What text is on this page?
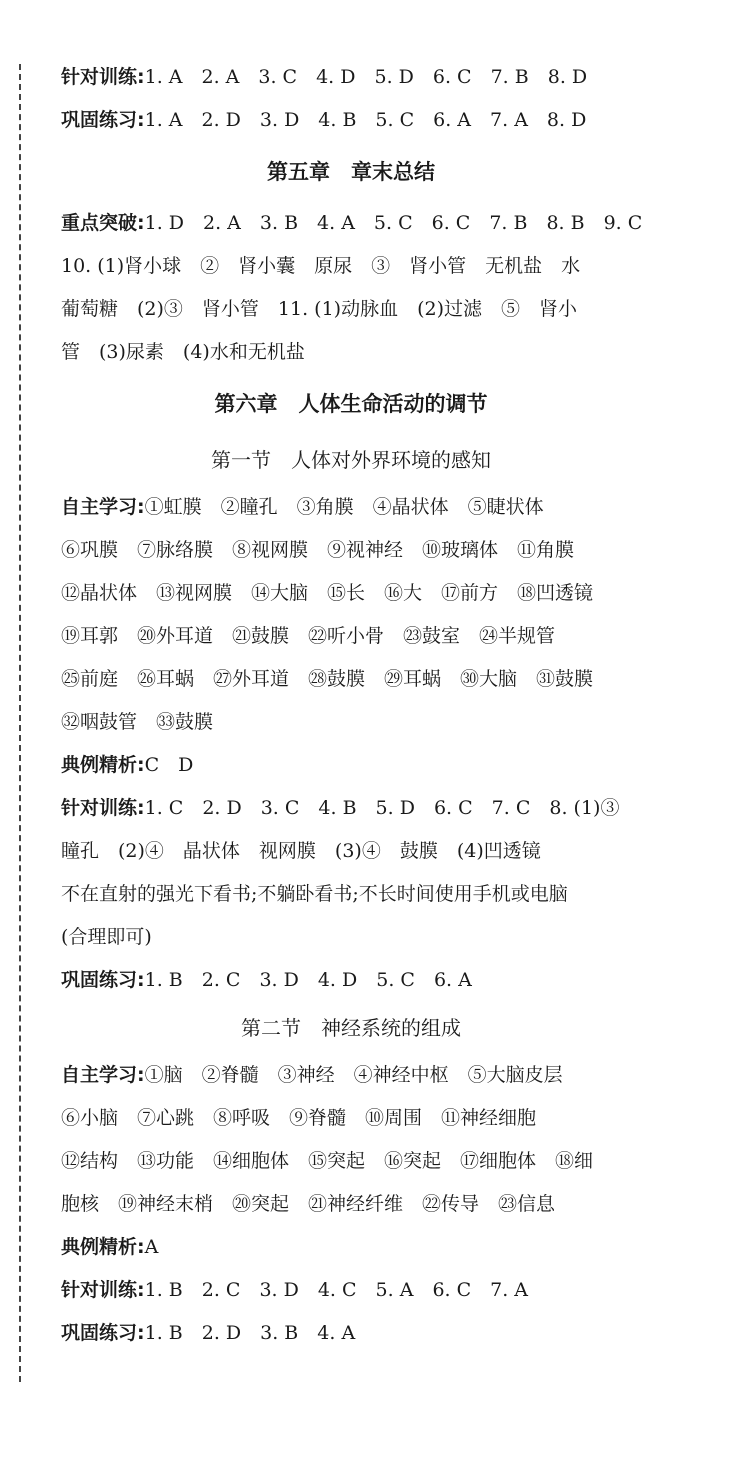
针对训练:1. A　2. A　3. C　4. D　5. D　6. C　7. B　8. D
巩固练习:1. A　2. D　3. D　4. B　5. C　6. A　7. A　8. D
第五章　章末总结
重点突破:1. D　2. A　3. B　4. A　5. C　6. C　7. B　8. B　9. C
10. (1)肾小球　②　肾小囊　原尿　③　肾小管　无机盐　水
葡萄糖　(2)③　肾小管　11. (1)动脉血　(2)过滤　⑤　肾小
管　(3)尿素　(4)水和无机盐
第六章　人体生命活动的调节
第一节　人体对外界环境的感知
自主学习:①虹膜　②瞳孔　③角膜　④晶状体　⑤睫状体
⑥巩膜　⑦脉络膜　⑧视网膜　⑨视神经　⑩玻璃体　⑪角膜
⑫晶状体　⑬视网膜　⑭大脑　⑮长　⑯大　⑰前方　⑱凹透镜
⑲耳郭　⑳外耳道　㉑鼓膜　㉒听小骨　㉓鼓室　㉔半规管
㉕前庭　㉖耳蜗　㉗外耳道　㉘鼓膜　㉙耳蜗　㉚大脑　㉛鼓膜
㉜咽鼓管　㉝鼓膜
典例精析:C　D
针对训练:1. C　2. D　3. C　4. B　5. D　6. C　7. C　8. (1)③
瞳孔　(2)④　晶状体　视网膜　(3)④　鼓膜　(4)凹透镜
不在直射的强光下看书;不躺卧看书;不长时间使用手机或电脑
(合理即可)
巩固练习:1. B　2. C　3. D　4. D　5. C　6. A
第二节　神经系统的组成
自主学习:①脑　②脊髓　③神经　④神经中枢　⑤大脑皮层
⑥小脑　⑦心跳　⑧呼吸　⑨脊髓　⑩周围　⑪神经细胞
⑫结构　⑬功能　⑭细胞体　⑮突起　⑯突起　⑰细胞体　⑱细
胞核　⑲神经末梢　⑳突起　㉑神经纤维　㉒传导　㉓信息
典例精析:A
针对训练:1. B　2. C　3. D　4. C　5. A　6. C　7. A
巩固练习:1. B　2. D　3. B　4. A
